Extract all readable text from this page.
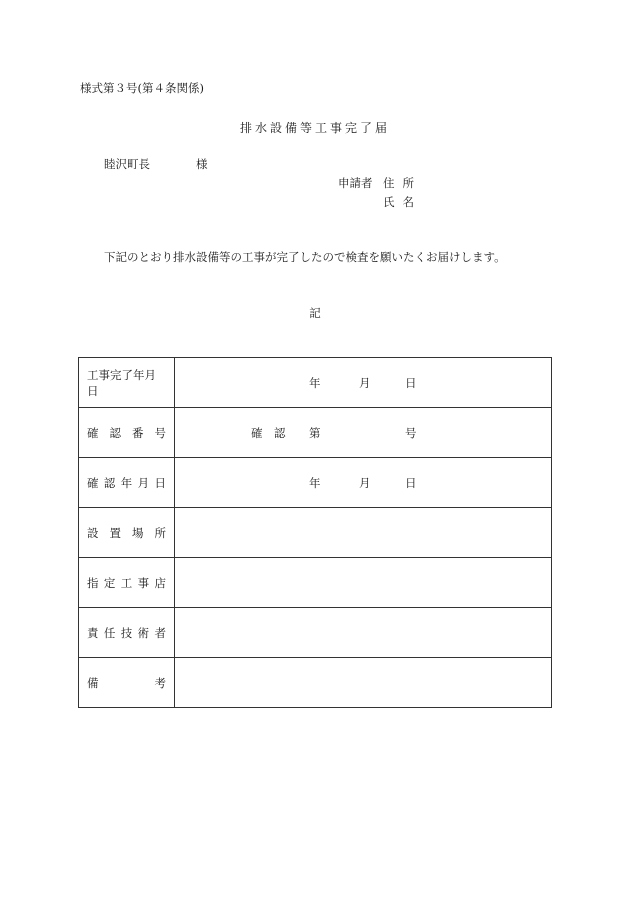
様式第３号(第４条関係)
排水設備等工事完了届
睦沢町長	様
申請者 住所
氏名
下記のとおり排水設備等の工事が完了したので検査を願いたくお届けします。
記
工事完了年月日	年 月 日

確 認 番 号	確　認 第 号

確 認 年 月 日	年 月 日

設 置 場 所	

指 定 工 事 店	

責 任 技 術 者	

備 考	
